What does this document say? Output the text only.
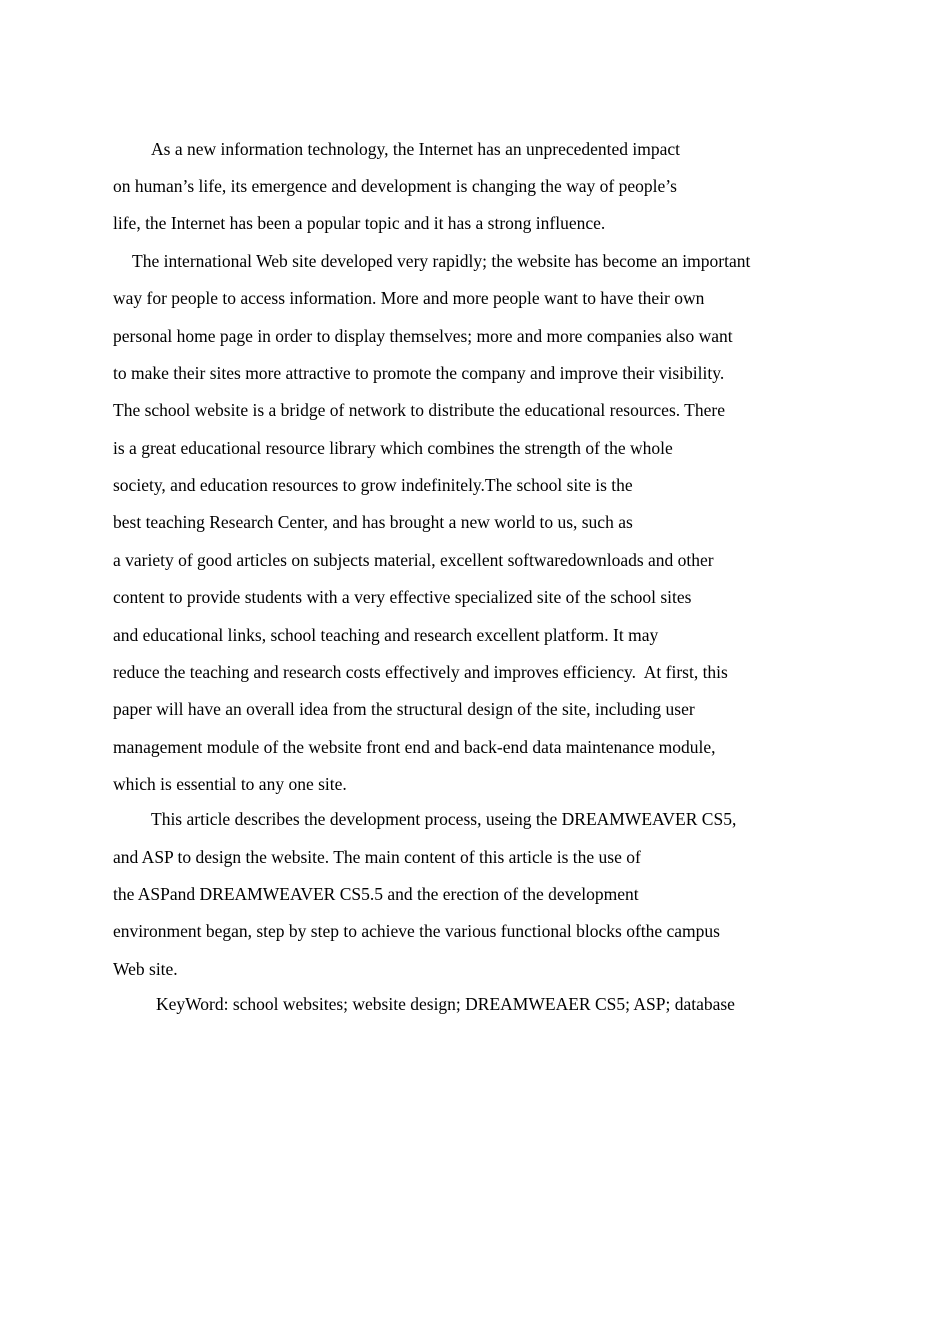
As a new information technology, the Internet has an unprecedented impact
on human’s life, its emergence and development is changing the way of people’s
life, the Internet has been a popular topic and it has a strong influence.
The international Web site developed very rapidly; the website has become an important
way for people to access information. More and more people want to have their own
personal home page in order to display themselves; more and more companies also want
to make their sites more attractive to promote the company and improve their visibility.
The school website is a bridge of network to distribute the educational resources. There
is a great educational resource library which combines the strength of the whole
society, and education resources to grow indefinitely.The school site is the
best teaching Research Center, and has brought a new world to us, such as
a variety of good articles on subjects material, excellent softwaredownloads and other
content to provide students with a very effective specialized site of the school sites
and educational links, school teaching and research excellent platform. It may
reduce the teaching and research costs effectively and improves efficiency.  At first, this
paper will have an overall idea from the structural design of the site, including user
management module of the website front end and back-end data maintenance module,
which is essential to any one site.
This article describes the development process, useing the DREAMWEAVER CS5,
and ASP to design the website. The main content of this article is the use of
the ASPand DREAMWEAVER CS5.5 and the erection of the development
environment began, step by step to achieve the various functional blocks ofthe campus
Web site.
KeyWord: school websites; website design; DREAMWEAER CS5; ASP; database
